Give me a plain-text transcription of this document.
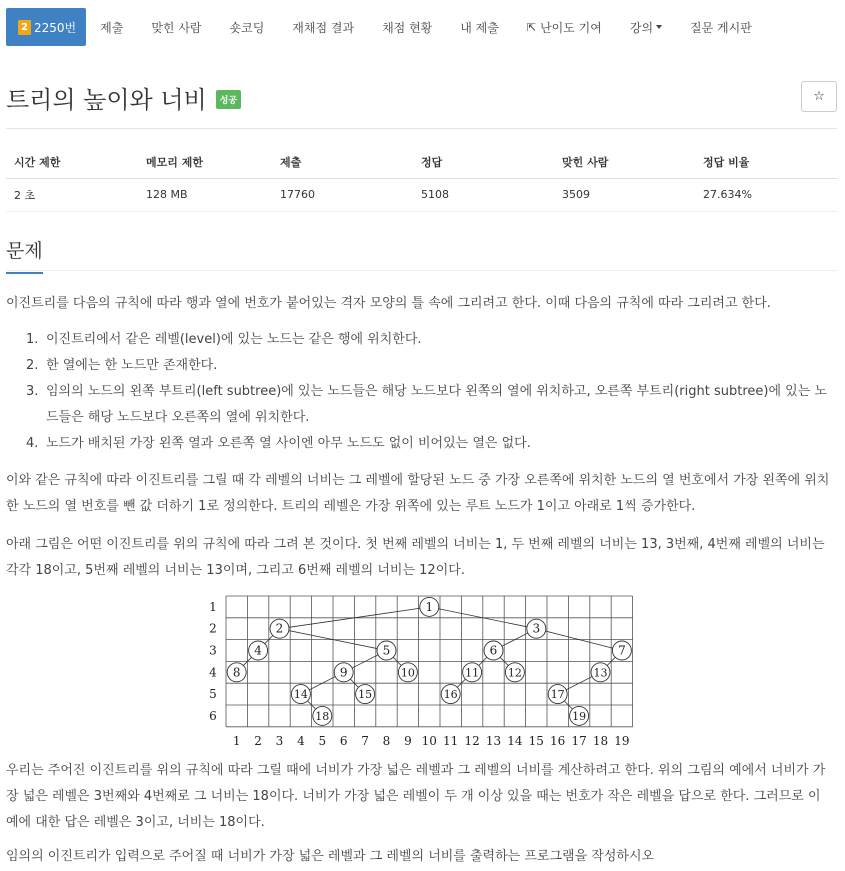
2 2250번	제출	맞힌 사람	숏코딩	재채점 결과	채점 현황	내 제출	⇱ 난이도 기여 강의	질문 게시판
트리의 높이와 너비	성공	☆
시간 제한	메모리 제한	제출	정답	맞힌 사람	정답 비율
2 초	128 MB	17760	5108	3509	27.634%
문제
이진트리를 다음의 규칙에 따라 행과 열에 번호가 붙어있는 격자 모양의 틀 속에 그리려고 한다. 이때 다음의 규칙에 따라 그리려고 한다.
1. 이진트리에서 같은 레벨(level)에 있는 노드는 같은 행에 위치한다.
2. 한 열에는 한 노드만 존재한다.
3. 임의의 노드의 왼쪽 부트리(left subtree)에 있는 노드들은 해당 노드보다 왼쪽의 열에 위치하고, 오른쪽 부트리(right subtree)에 있는 노드들은 해당 노드보다 오른쪽의 열에 위치한다.
4. 노드가 배치된 가장 왼쪽 열과 오른쪽 열 사이엔 아무 노드도 없이 비어있는 열은 없다.
이와 같은 규칙에 따라 이진트리를 그릴 때 각 레벨의 너비는 그 레벨에 할당된 노드 중 가장 오른쪽에 위치한 노드의 열 번호에서 가장 왼쪽에 위치한 노드의 열 번호를 뺀 값 더하기 1로 정의한다. 트리의 레벨은 가장 위쪽에 있는 루트 노드가 1이고 아래로 1씩 증가한다.
아래 그림은 어떤 이진트리를 위의 규칙에 따라 그려 본 것이다. 첫 번째 레벨의 너비는 1, 두 번째 레벨의 너비는 13, 3번째, 4번째 레벨의 너비는 각각 18이고, 5번째 레벨의 너비는 13이며, 그리고 6번째 레벨의 너비는 12이다.
1
2
3
4
5
6
1 2 3 4 5 6 7 8 9 10 11 12 13 14 15 16 17 18 19
1
2	3
4	5	6	7
8	9	10	11	12	13
14	15	16	17
18	19
우리는 주어진 이진트리를 위의 규칙에 따라 그릴 때에 너비가 가장 넓은 레벨과 그 레벨의 너비를 계산하려고 한다. 위의 그림의 예에서 너비가 가장 넓은 레벨은 3번째와 4번째로 그 너비는 18이다. 너비가 가장 넓은 레벨이 두 개 이상 있을 때는 번호가 작은 레벨을 답으로 한다. 그러므로 이 예에 대한 답은 레벨은 3이고, 너비는 18이다.
임의의 이진트리가 입력으로 주어질 때 너비가 가장 넓은 레벨과 그 레벨의 너비를 출력하는 프로그램을 작성하시오
